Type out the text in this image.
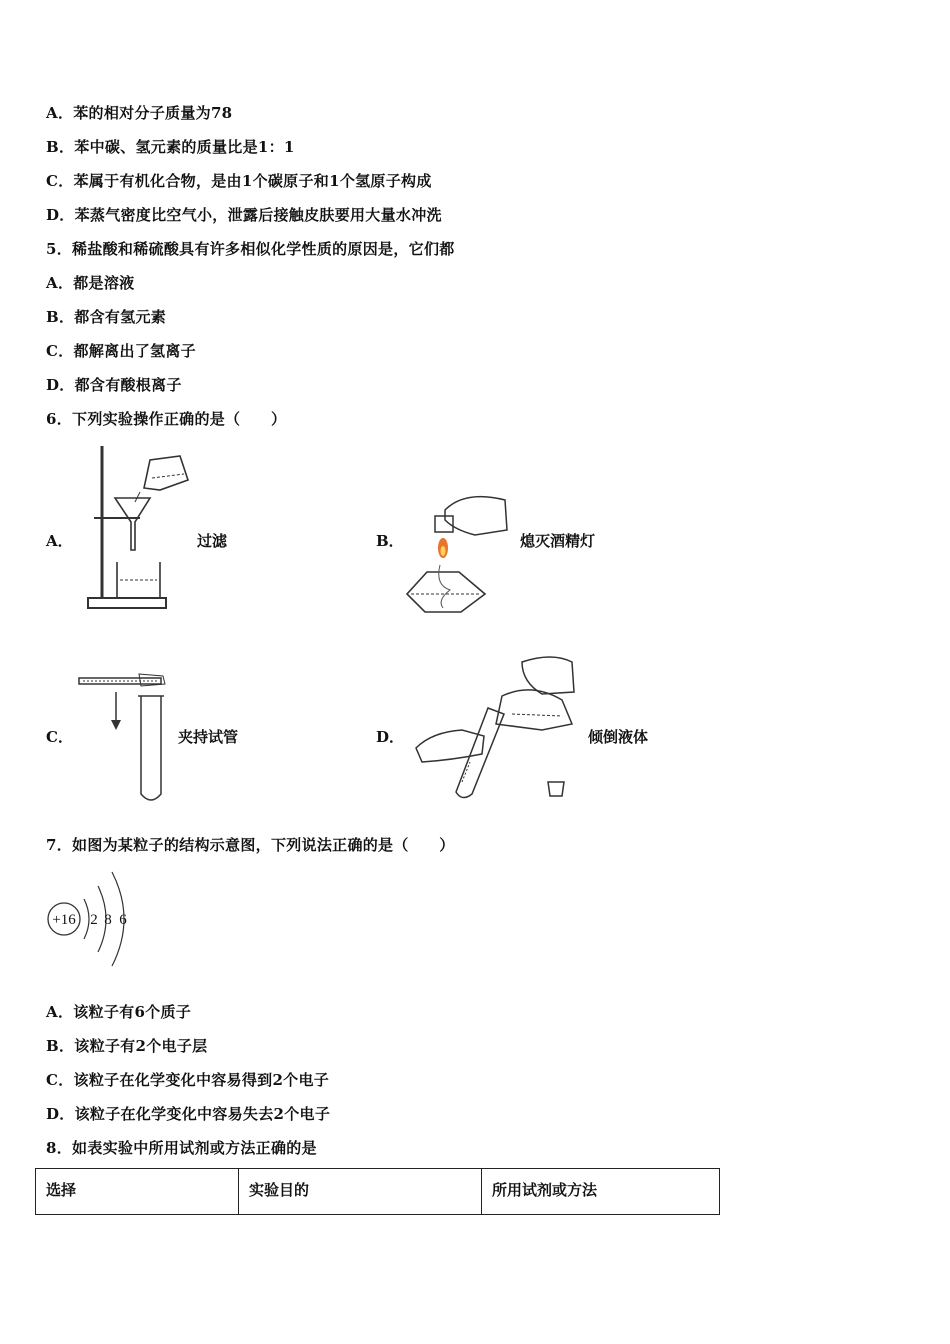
A．苯的相对分子质量为78
B．苯中碳、氢元素的质量比是1：1
C．苯属于有机化合物，是由1个碳原子和1个氢原子构成
D．苯蒸气密度比空气小，泄露后接触皮肤要用大量水冲洗
5．稀盐酸和稀硫酸具有许多相似化学性质的原因是，它们都
A．都是溶液
B．都含有氢元素
C．都解离出了氢离子
D．都含有酸根离子
6．下列实验操作正确的是（　　）
A．	过滤	B．	熄灭酒精灯
C．	夹持试管	D．	倾倒液体
7．如图为某粒子的结构示意图，下列说法正确的是（　　）
+16 2 8 6
A．该粒子有6个质子
B．该粒子有2个电子层
C．该粒子在化学变化中容易得到2个电子
D．该粒子在化学变化中容易失去2个电子
8．如表实验中所用试剂或方法正确的是
选择	实验目的	所用试剂或方法
